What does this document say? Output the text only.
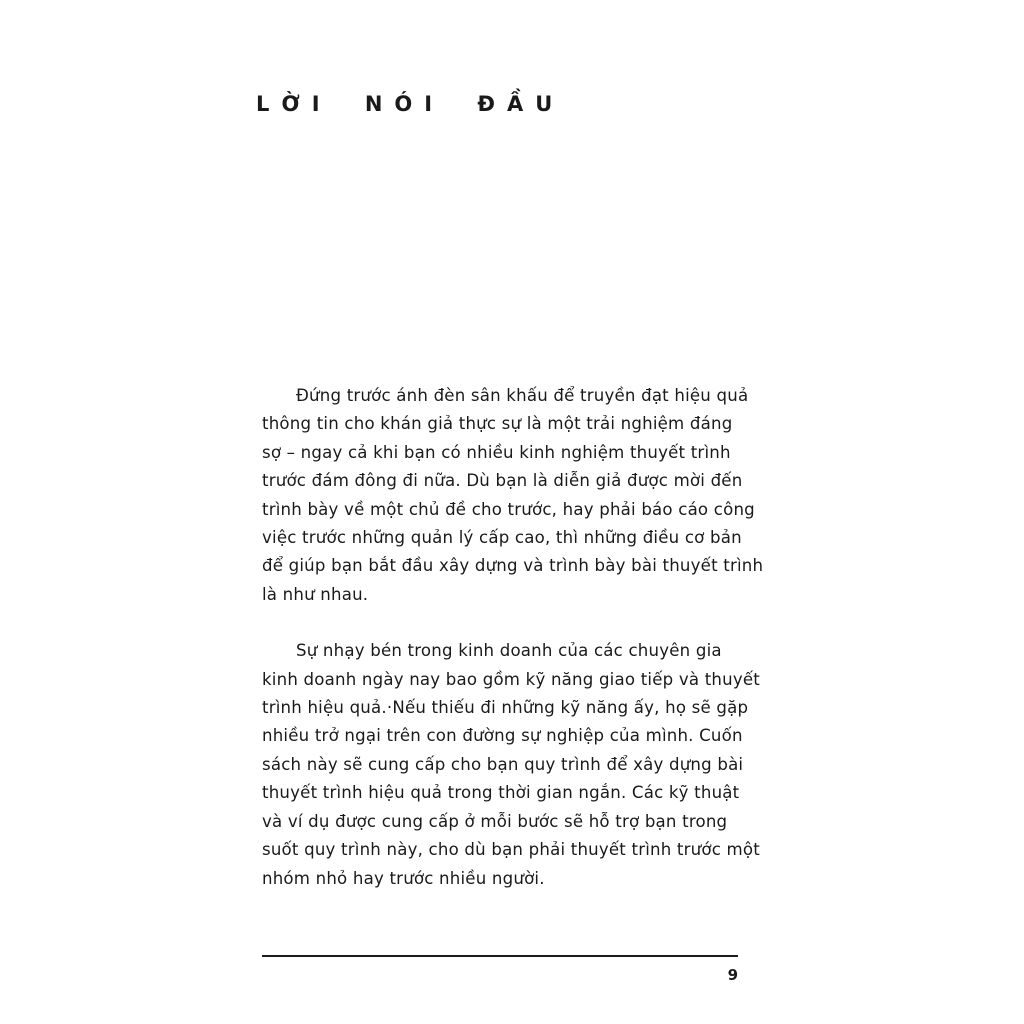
LỜI NÓI ĐẦU

Đứng trước ánh đèn sân khấu để truyền đạt hiệu quả
thông tin cho khán giả thực sự là một trải nghiệm đáng
sợ – ngay cả khi bạn có nhiều kinh nghiệm thuyết trình
trước đám đông đi nữa. Dù bạn là diễn giả được mời đến
trình bày về một chủ đề cho trước, hay phải báo cáo công
việc trước những quản lý cấp cao, thì những điều cơ bản
để giúp bạn bắt đầu xây dựng và trình bày bài thuyết trình
là như nhau.

Sự nhạy bén trong kinh doanh của các chuyên gia
kinh doanh ngày nay bao gồm kỹ năng giao tiếp và thuyết
trình hiệu quả.·Nếu thiếu đi những kỹ năng ấy, họ sẽ gặp
nhiều trở ngại trên con đường sự nghiệp của mình. Cuốn
sách này sẽ cung cấp cho bạn quy trình để xây dựng bài
thuyết trình hiệu quả trong thời gian ngắn. Các kỹ thuật
và ví dụ được cung cấp ở mỗi bước sẽ hỗ trợ bạn trong
suốt quy trình này, cho dù bạn phải thuyết trình trước một
nhóm nhỏ hay trước nhiều người.

9
